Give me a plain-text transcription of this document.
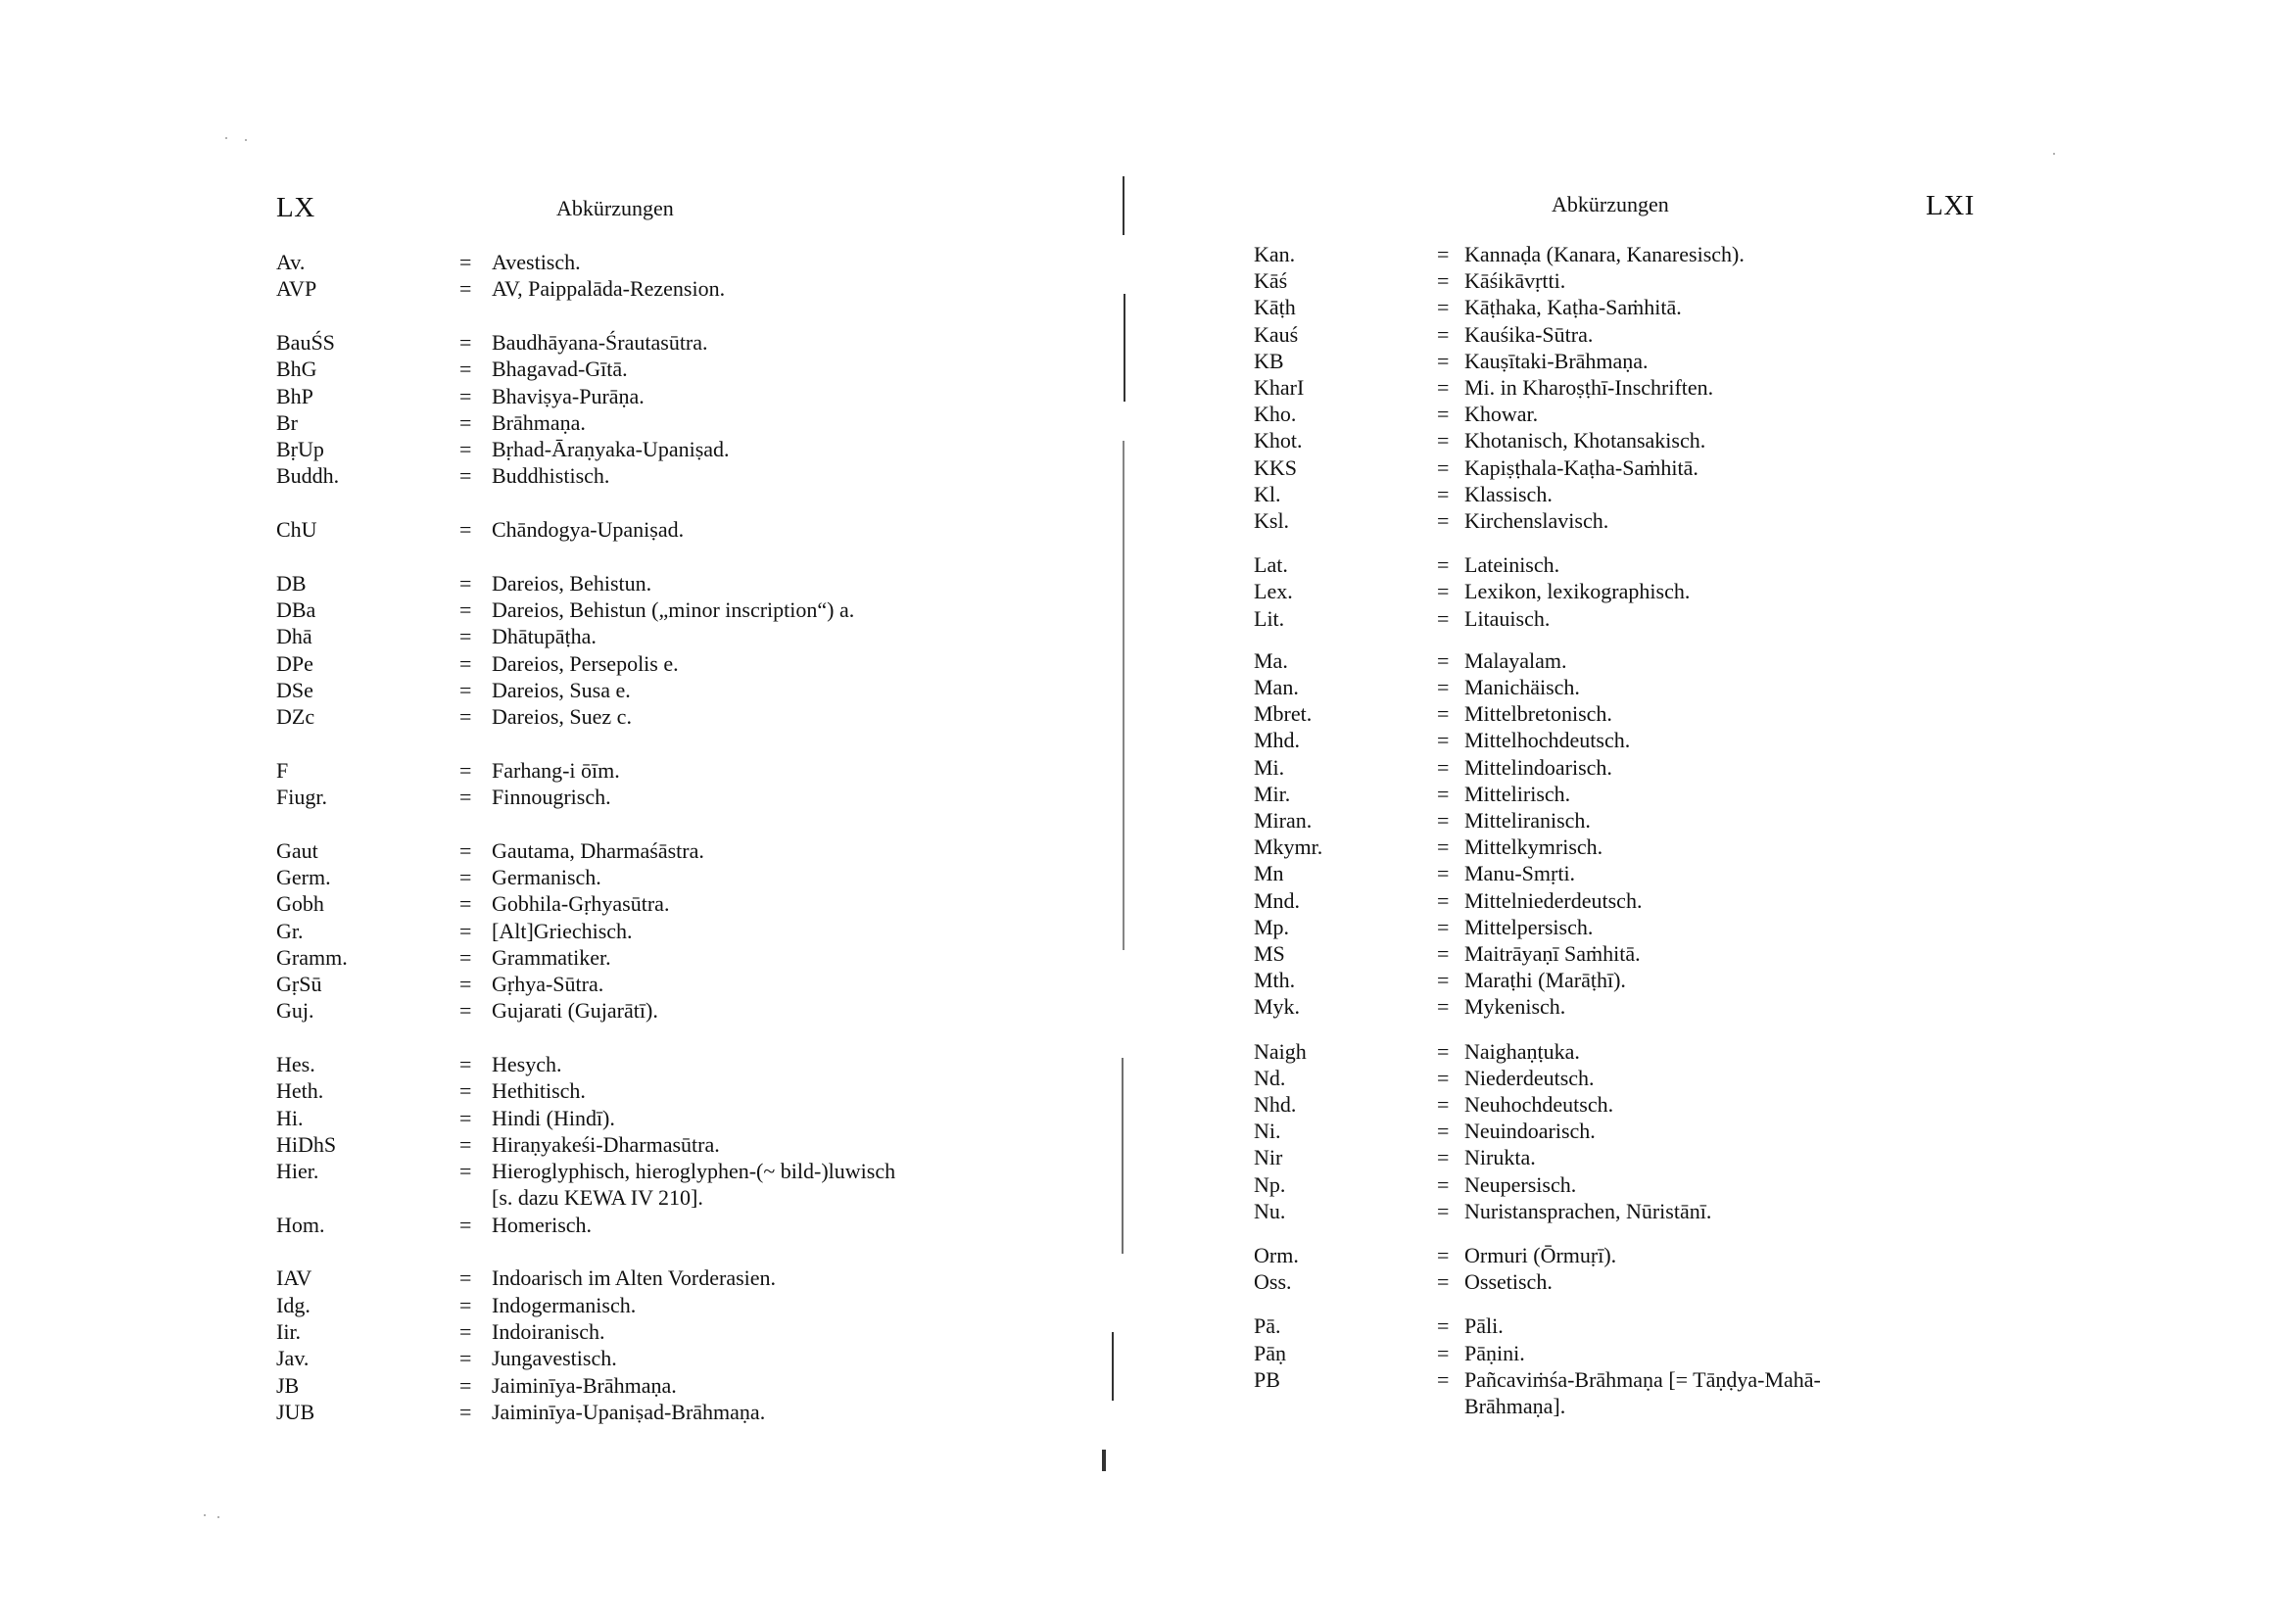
LX	Abkürzungen
Av.	= Avestisch.
AVP	= AV, Paippalāda-Rezension.
BauŚS	= Baudhāyana-Śrautasūtra.
BhG	= Bhagavad-Gītā.
BhP	= Bhaviṣya-Purāṇa.
Br	= Brāhmaṇa.
BṛUp	= Bṛhad-Āraṇyaka-Upaniṣad.
Buddh.	= Buddhistisch.
ChU	= Chāndogya-Upaniṣad.
DB	= Dareios, Behistun.
DBa	= Dareios, Behistun („minor inscription“) a.
Dhā	= Dhātupāṭha.
DPe	= Dareios, Persepolis e.
DSe	= Dareios, Susa e.
DZc	= Dareios, Suez c.
F	= Farhang-i ōīm.
Fiugr.	= Finnougrisch.
Gaut	= Gautama, Dharmaśāstra.
Germ.	= Germanisch.
Gobh	= Gobhila-Gṛhyasūtra.
Gr.	= [Alt]Griechisch.
Gramm.	= Grammatiker.
GṛSū	= Gṛhya-Sūtra.
Guj.	= Gujarati (Gujarātī).
Hes.	= Hesych.
Heth.	= Hethitisch.
Hi.	= Hindi (Hindī).
HiDhS	= Hiraṇyakeśi-Dharmasūtra.
Hier.	= Hieroglyphisch, hieroglyphen-(~ bild-)luwisch
[s. dazu KEWA IV 210].
Hom.	= Homerisch.
IAV	= Indoarisch im Alten Vorderasien.
Idg.	= Indogermanisch.
Iir.	= Indoiranisch.
Jav.	= Jungavestisch.
JB	= Jaiminīya-Brāhmaṇa.
JUB	= Jaiminīya-Upaniṣad-Brāhmaṇa.
Abkürzungen	LXI
Kan.	= Kannaḍa (Kanara, Kanaresisch).
Kāś	= Kāśikāvṛtti.
Kāṭh	= Kāṭhaka, Kaṭha-Saṁhitā.
Kauś	= Kauśika-Sūtra.
KB	= Kauṣītaki-Brāhmaṇa.
KharI	= Mi. in Kharoṣṭhī-Inschriften.
Kho.	= Khowar.
Khot.	= Khotanisch, Khotansakisch.
KKS	= Kapiṣṭhala-Kaṭha-Saṁhitā.
Kl.	= Klassisch.
Ksl.	= Kirchenslavisch.
Lat.	= Lateinisch.
Lex.	= Lexikon, lexikographisch.
Lit.	= Litauisch.
Ma.	= Malayalam.
Man.	= Manichäisch.
Mbret.	= Mittelbretonisch.
Mhd.	= Mittelhochdeutsch.
Mi.	= Mittelindoarisch.
Mir.	= Mittelirisch.
Miran.	= Mitteliranisch.
Mkymr.	= Mittelkymrisch.
Mn	= Manu-Smṛti.
Mnd.	= Mittelniederdeutsch.
Mp.	= Mittelpersisch.
MS	= Maitrāyaṇī Saṁhitā.
Mth.	= Maraṭhi (Marāṭhī).
Myk.	= Mykenisch.
Naigh	= Naighaṇṭuka.
Nd.	= Niederdeutsch.
Nhd.	= Neuhochdeutsch.
Ni.	= Neuindoarisch.
Nir	= Nirukta.
Np.	= Neupersisch.
Nu.	= Nuristansprachen, Nūristānī.
Orm.	= Ormuri (Ōrmuṛī).
Oss.	= Ossetisch.
Pā.	= Pāli.
Pāṇ	= Pāṇini.
PB	= Pañcaviṁśa-Brāhmaṇa [= Tāṇḍya-Mahā-
Brāhmaṇa].
